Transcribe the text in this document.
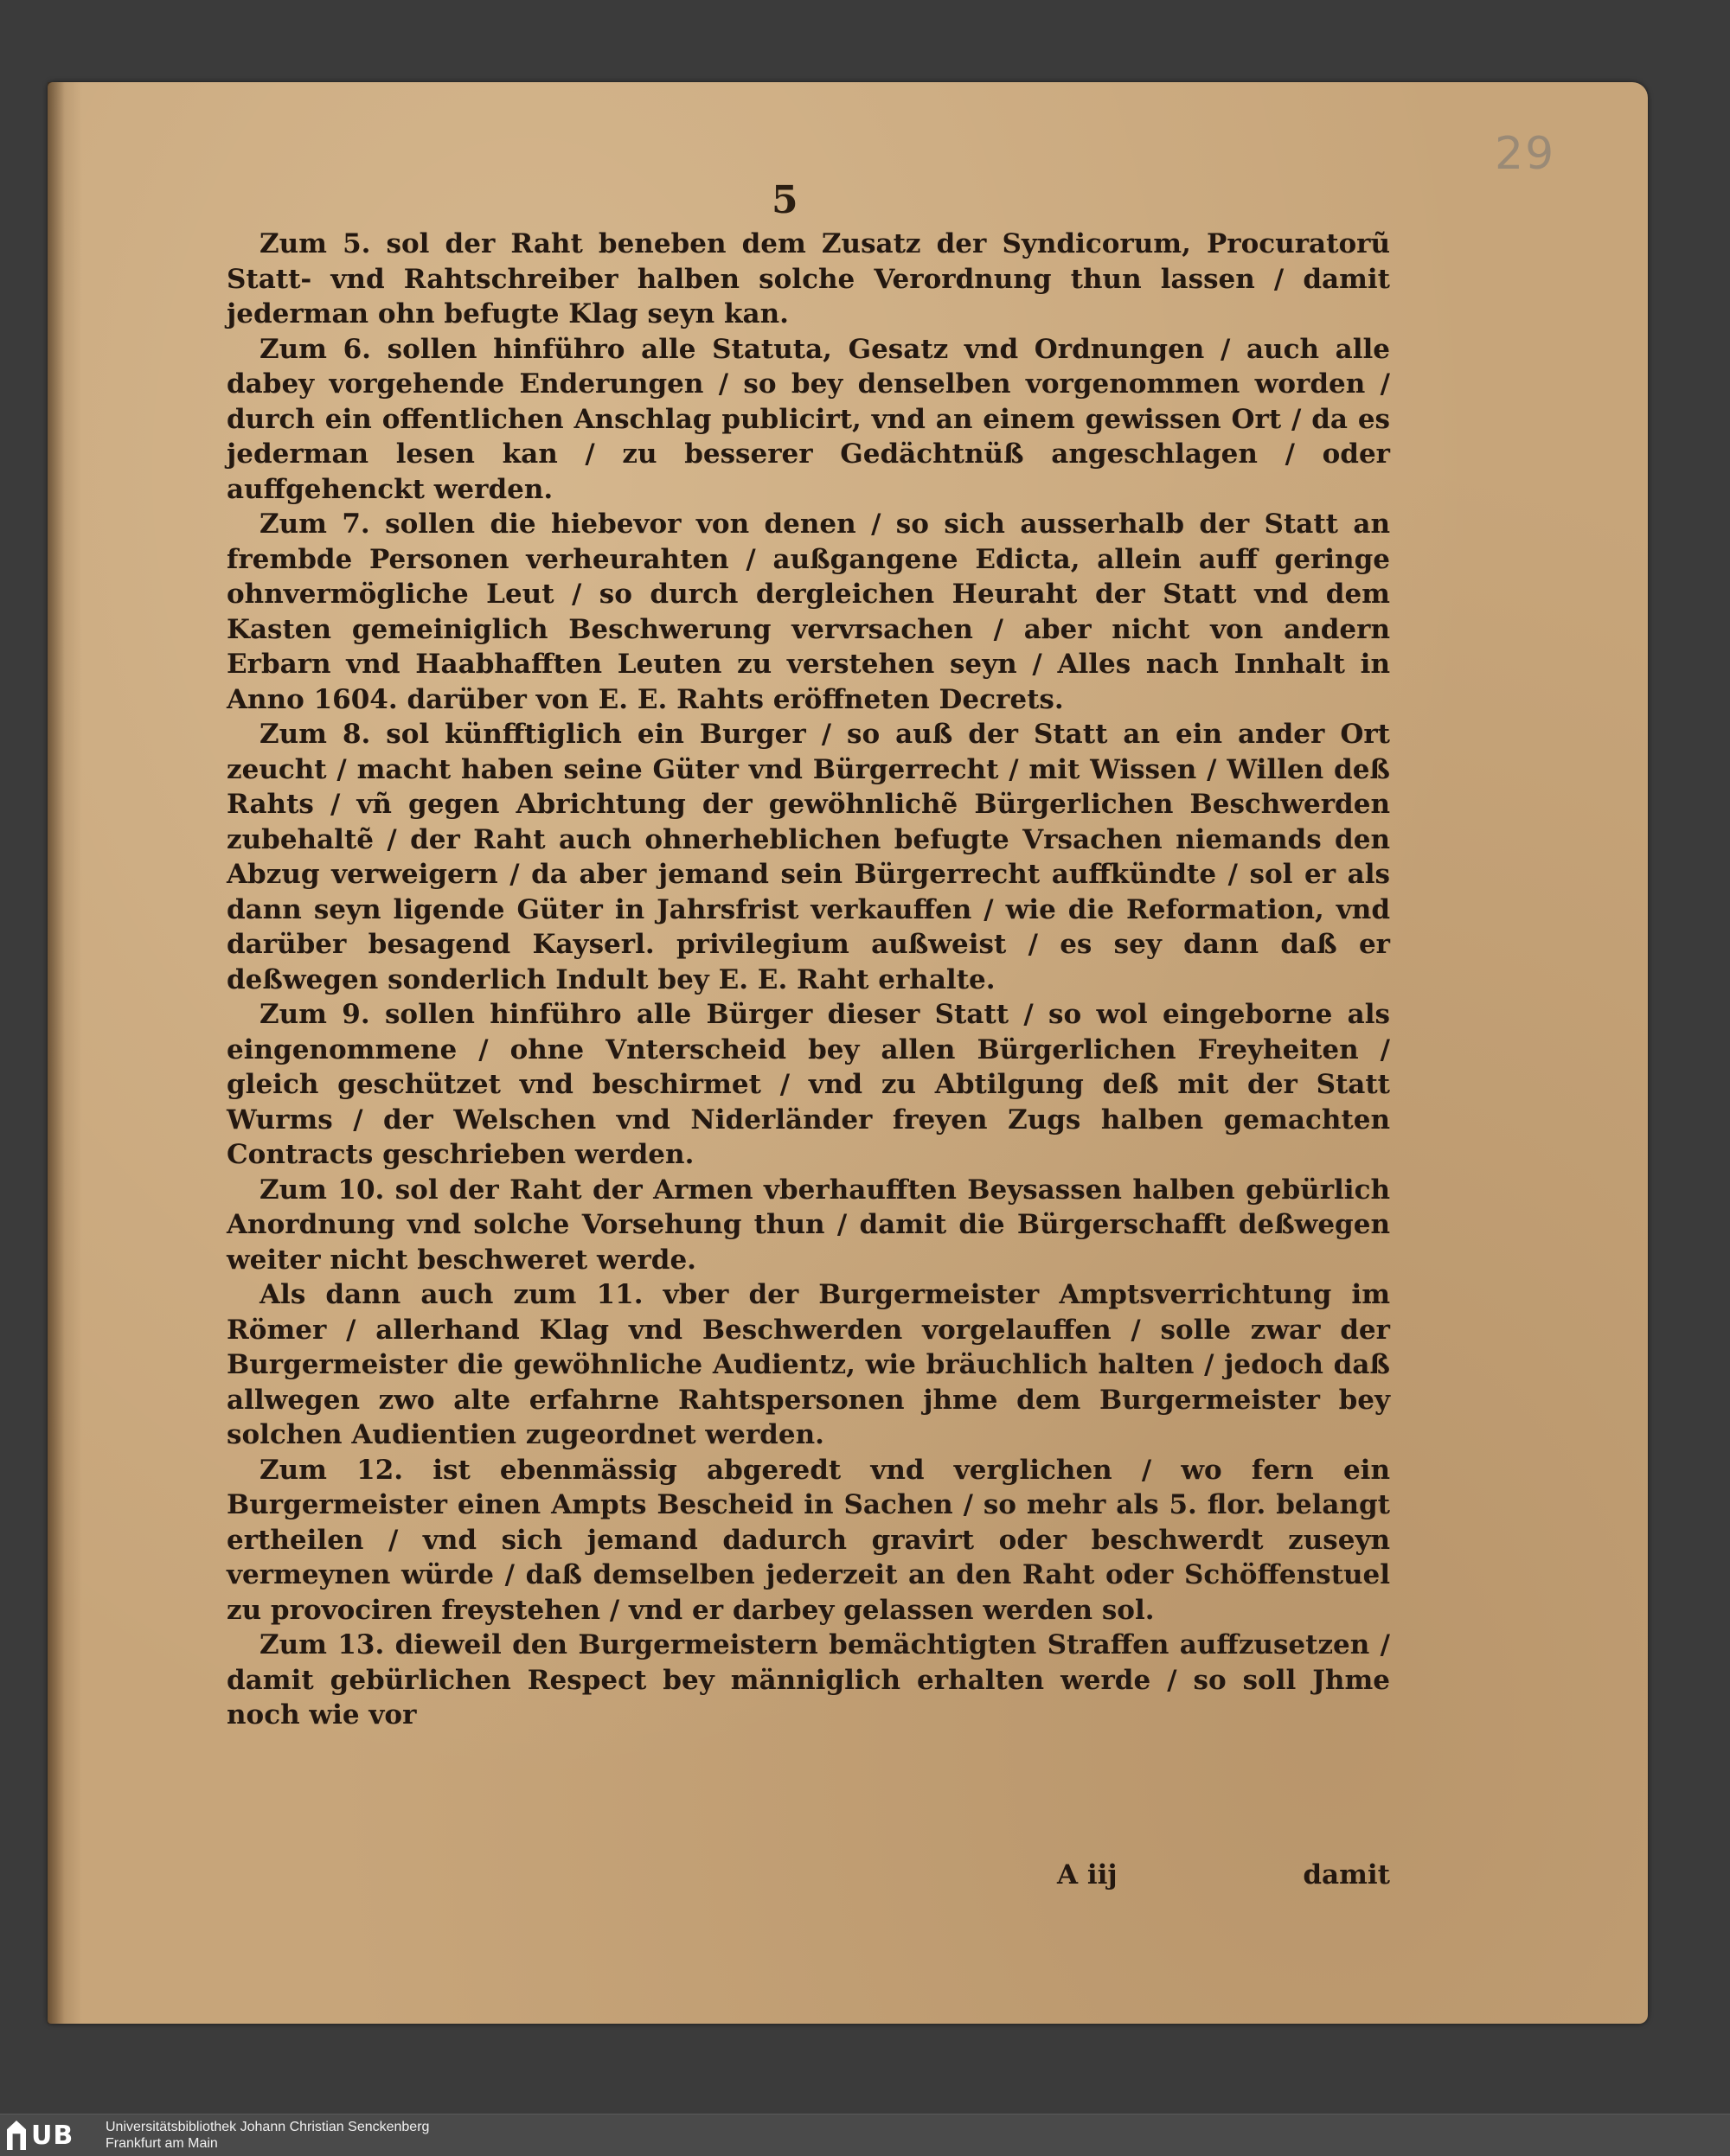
29
5

Zum 5. sol der Raht beneben dem Zusatz der Syndicorum, Procuratorũ Statt- vnd Rahtschreiber halben solche Verordnung thun lassen / damit jederman ohn befugte Klag seyn kan.

Zum 6. sollen hinführo alle Statuta, Gesatz vnd Ordnungen / auch alle dabey vorgehende Enderungen / so bey denselben vorgenommen worden / durch ein offentlichen Anschlag publicirt, vnd an einem gewissen Ort / da es jederman lesen kan / zu besserer Gedächtnüß angeschlagen / oder auffgehenckt werden.

Zum 7. sollen die hiebevor von denen / so sich ausserhalb der Statt an frembde Personen verheurahten / außgangene Edicta, allein auff geringe ohnvermögliche Leut / so durch dergleichen Heuraht der Statt vnd dem Kasten gemeiniglich Beschwerung vervrsachen / aber nicht von andern Erbarn vnd Haabhafften Leuten zu verstehen seyn / Alles nach Innhalt in Anno 1604. darüber von E. E. Rahts eröffneten Decrets.

Zum 8. sol künfftiglich ein Burger / so auß der Statt an ein ander Ort zeucht / macht haben seine Güter vnd Bürgerrecht / mit Wissen / Willen deß Rahts / vñ gegen Abrichtung der gewöhnlichẽ Bürgerlichen Beschwerden zubehaltẽ / der Raht auch ohnerheblichen befugte Vrsachen niemands den Abzug verweigern / da aber jemand sein Bürgerrecht auffkündte / sol er als dann seyn ligende Güter in Jahrsfrist verkauffen / wie die Reformation, vnd darüber besagend Kayserl. privilegium außweist / es sey dann daß er deßwegen sonderlich Indult bey E. E. Raht erhalte.

Zum 9. sollen hinführo alle Bürger dieser Statt / so wol eingeborne als eingenommene / ohne Vnterscheid bey allen Bürgerlichen Freyheiten / gleich geschützet vnd beschirmet / vnd zu Abtilgung deß mit der Statt Wurms / der Welschen vnd Niderländer freyen Zugs halben gemachten Contracts geschrieben werden.

Zum 10. sol der Raht der Armen vberhaufften Beysassen halben gebürlich Anordnung vnd solche Vorsehung thun / damit die Bürgerschafft deßwegen weiter nicht beschweret werde.

Als dann auch zum 11. vber der Burgermeister Amptsverrichtung im Römer / allerhand Klag vnd Beschwerden vorgelauffen / solle zwar der Burgermeister die gewöhnliche Audientz, wie bräuchlich halten / jedoch daß allwegen zwo alte erfahrne Rahtspersonen jhme dem Burgermeister bey solchen Audientien zugeordnet werden.

Zum 12. ist ebenmässig abgeredt vnd verglichen / wo fern ein Burgermeister einen Ampts Bescheid in Sachen / so mehr als 5. flor. belangt ertheilen / vnd sich jemand dadurch gravirt oder beschwerdt zuseyn vermeynen würde / daß demselben jederzeit an den Raht oder Schöffenstuel zu provociren freystehen / vnd er darbey gelassen werden sol.

Zum 13. dieweil den Burgermeistern bemächtigten Straffen auffzusetzen / damit gebürlichen Respect bey männiglich erhalten werde / so soll Jhme noch wie vor

A iij	damit
UB Universitätsbibliothek Johann Christian Senckenberg
Frankfurt am Main
